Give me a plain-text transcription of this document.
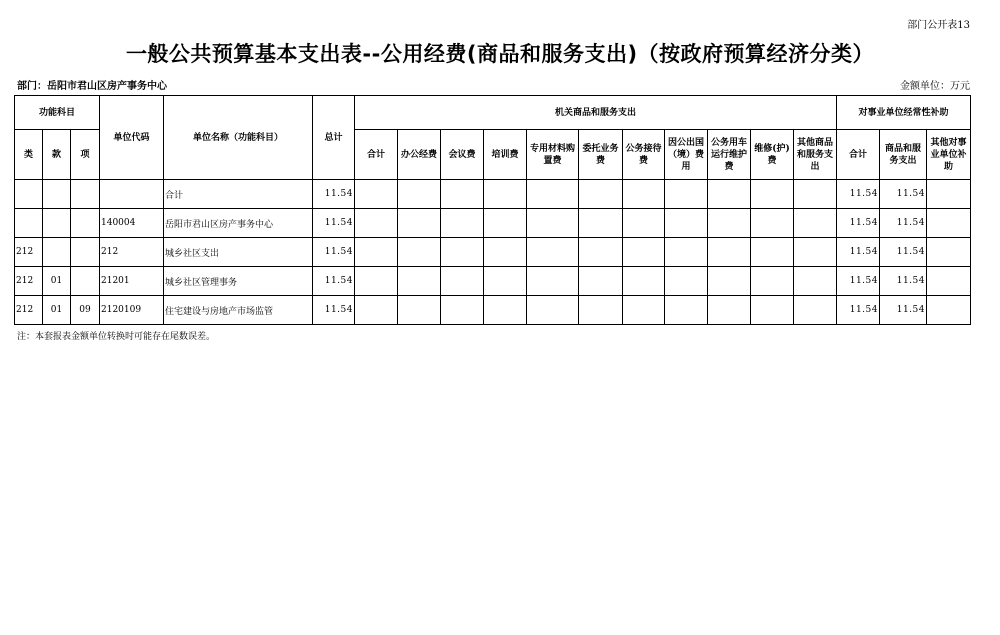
部门公开表13
一般公共预算基本支出表--公用经费(商品和服务支出)（按政府预算经济分类）
部门：岳阳市君山区房产事务中心	金额单位：万元
功能科目			单位代码	单位名称（功能科目）	总计	机关商品和服务支出											对事业单位经常性补助		
类	款	项				合计	办公经费	会议费	培训费	专用材料购置费	委托业务费	公务接待费	因公出国（境）费用	公务用车运行维护费	维修(护)费	其他商品和服务支出	合计	商品和服务支出	其他对事业单位补助
				合计	11.54												11.54	11.54	
			140004	岳阳市君山区房产事务中心	11.54												11.54	11.54	
212			212	城乡社区支出	11.54												11.54	11.54	
212	01		21201	城乡社区管理事务	11.54												11.54	11.54	
212	01	09	2120109	住宅建设与房地产市场监管	11.54												11.54	11.54	
注：本套报表金额单位转换时可能存在尾数误差。
